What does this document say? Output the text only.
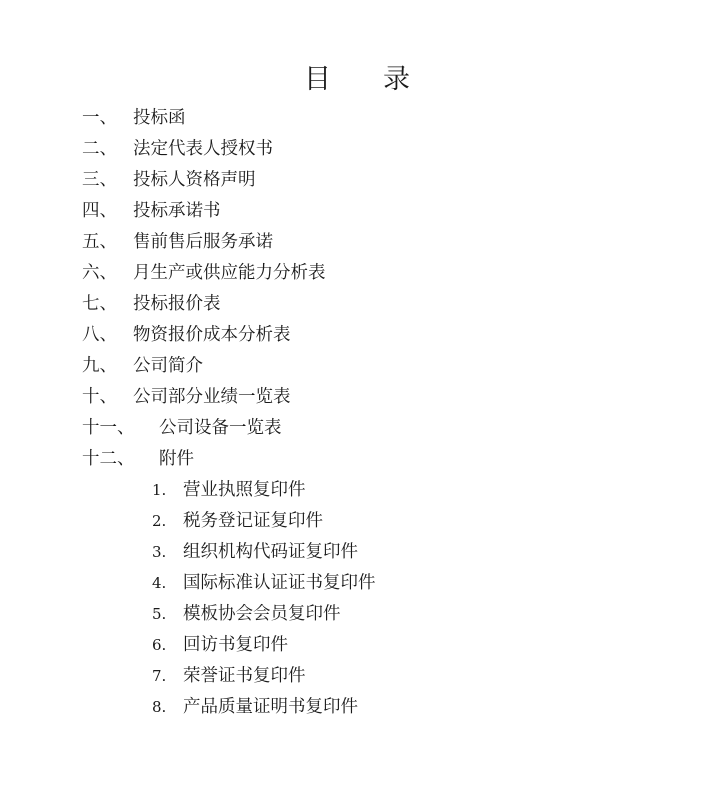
目 录
一、 投标函
二、 法定代表人授权书
三、 投标人资格声明
四、 投标承诺书
五、 售前售后服务承诺
六、 月生产或供应能力分析表
七、 投标报价表
八、 物资报价成本分析表
九、 公司简介
十、 公司部分业绩一览表
十一、	公司设备一览表
十二、	附件
1. 营业执照复印件
2. 税务登记证复印件
3. 组织机构代码证复印件
4. 国际标准认证证书复印件
5. 模板协会会员复印件
6. 回访书复印件
7. 荣誉证书复印件
8. 产品质量证明书复印件
